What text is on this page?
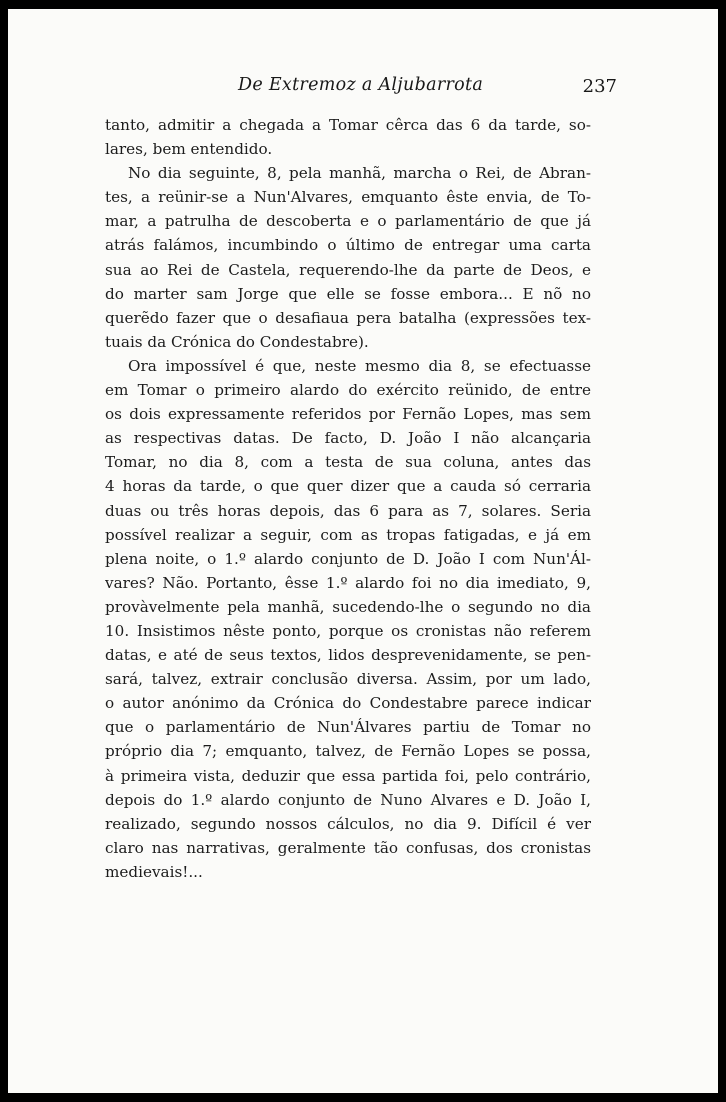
De Extremoz a Aljubarrota	237
tanto, admitir a chegada a Tomar cêrca das 6 da tarde, so-
lares, bem entendido.
No dia seguinte, 8, pela manhã, marcha o Rei, de Abran-
tes, a reünir-se a Nun'Alvares, emquanto êste envia, de To-
mar, a patrulha de descoberta e o parlamentário de que já
atrás falámos, incumbindo o último de entregar uma carta
sua ao Rei de Castela, requerendo-lhe da parte de Deos, e
do marter sam Jorge que elle se fosse embora... E nõ no
querẽdo fazer que o desafiaua pera batalha (expressões tex-
tuais da Crónica do Condestabre).
Ora impossível é que, neste mesmo dia 8, se efectuasse
em Tomar o primeiro alardo do exército reünido, de entre
os dois expressamente referidos por Fernão Lopes, mas sem
as respectivas datas. De facto, D. João I não alcançaria
Tomar, no dia 8, com a testa de sua coluna, antes das
4 horas da tarde, o que quer dizer que a cauda só cerraria
duas ou três horas depois, das 6 para as 7, solares. Seria
possível realizar a seguir, com as tropas fatigadas, e já em
plena noite, o 1.º alardo conjunto de D. João I com Nun'Ál-
vares? Não. Portanto, êsse 1.º alardo foi no dia imediato, 9,
provàvelmente pela manhã, sucedendo-lhe o segundo no dia
10. Insistimos nêste ponto, porque os cronistas não referem
datas, e até de seus textos, lidos desprevenidamente, se pen-
sará, talvez, extrair conclusão diversa. Assim, por um lado,
o autor anónimo da Crónica do Condestabre parece indicar
que o parlamentário de Nun'Álvares partiu de Tomar no
próprio dia 7; emquanto, talvez, de Fernão Lopes se possa,
à primeira vista, deduzir que essa partida foi, pelo contrário,
depois do 1.º alardo conjunto de Nuno Alvares e D. João I,
realizado, segundo nossos cálculos, no dia 9. Difícil é ver
claro nas narrativas, geralmente tão confusas, dos cronistas
medievais!...
